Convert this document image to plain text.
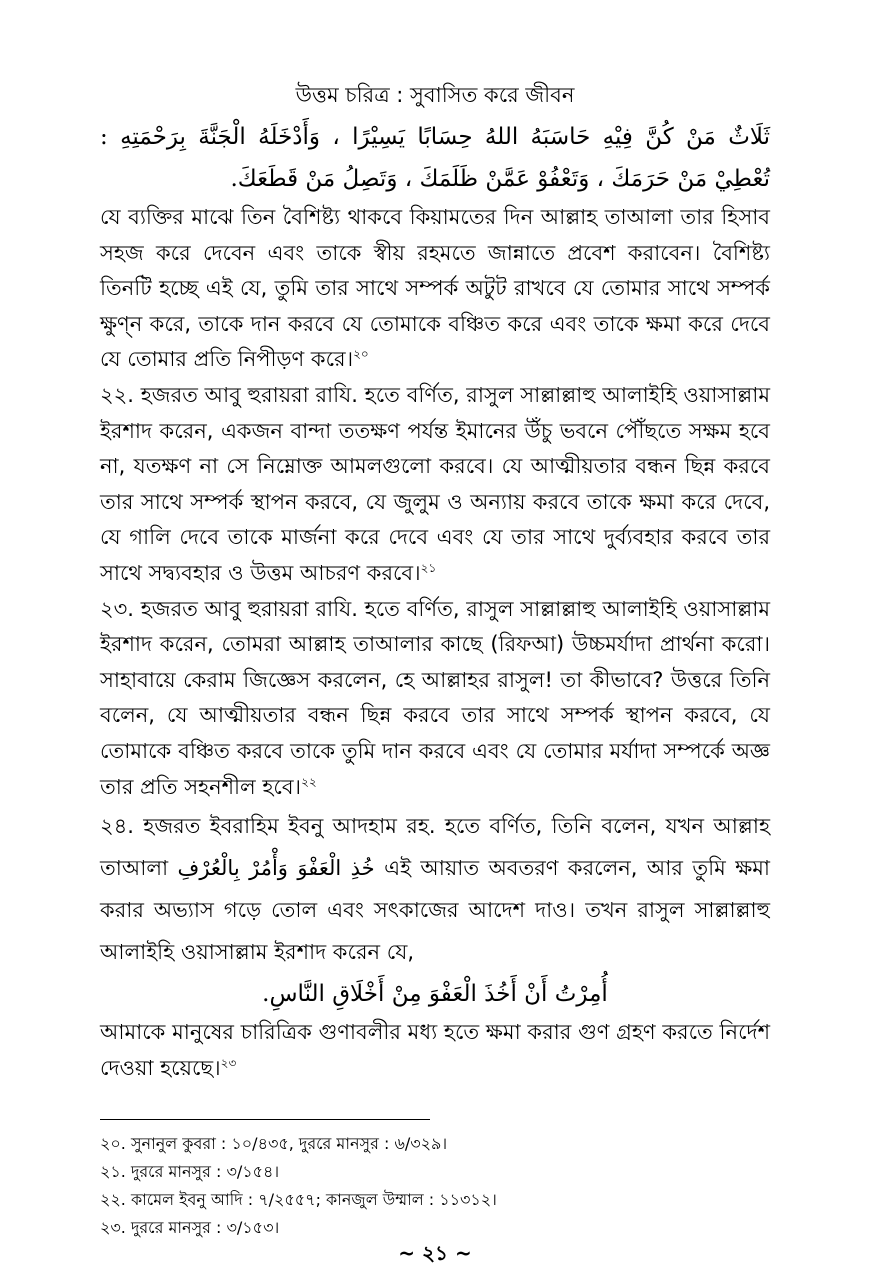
উত্তম চরিত্র : সুবাসিত করে জীবন

ثَلَاثٌ مَنْ كُنَّ فِيْهِ حَاسَبَهُ اللهُ حِسَابًا يَسِيْرًا ، وَأَدْخَلَهُ الْجَنَّةَ بِرَحْمَتِهِ : تُعْطِيْ مَنْ حَرَمَكَ ، وَتَعْفُوْ عَمَّنْ ظَلَمَكَ ، وَتَصِلُ مَنْ قَطَعَكَ.

যে ব্যক্তির মাঝে তিন বৈশিষ্ট্য থাকবে কিয়ামতের দিন আল্লাহ তাআলা তার হিসাব সহজ করে দেবেন এবং তাকে স্বীয় রহমতে জান্নাতে প্রবেশ করাবেন। বৈশিষ্ট্য তিনটি হচ্ছে এই যে, তুমি তার সাথে সম্পর্ক অটুট রাখবে যে তোমার সাথে সম্পর্ক ক্ষুণ্ন করে, তাকে দান করবে যে তোমাকে বঞ্চিত করে এবং তাকে ক্ষমা করে দেবে যে তোমার প্রতি নিপীড়ণ করে।$^{২০}$

২২. হজরত আবু হুরায়রা রাযি. হতে বর্ণিত, রাসুল সাল্লাল্লাহু আলাইহি ওয়াসাল্লাম ইরশাদ করেন, একজন বান্দা ততক্ষণ পর্যন্ত ইমানের উঁচু ভবনে পৌঁছতে সক্ষম হবে না, যতক্ষণ না সে নিম্নোক্ত আমলগুলো করবে। যে আত্মীয়তার বন্ধন ছিন্ন করবে তার সাথে সম্পর্ক স্থাপন করবে, যে জুলুম ও অন্যায় করবে তাকে ক্ষমা করে দেবে, যে গালি দেবে তাকে মার্জনা করে দেবে এবং যে তার সাথে দুর্ব্যবহার করবে তার সাথে সদ্ব্যবহার ও উত্তম আচরণ করবে।$^{২১}$

২৩. হজরত আবু হুরায়রা রাযি. হতে বর্ণিত, রাসুল সাল্লাল্লাহু আলাইহি ওয়াসাল্লাম ইরশাদ করেন, তোমরা আল্লাহ তাআলার কাছে (রিফআ) উচ্চমর্যাদা প্রার্থনা করো। সাহাবায়ে কেরাম জিজ্ঞেস করলেন, হে আল্লাহর রাসুল! তা কীভাবে? উত্তরে তিনি বলেন, যে আত্মীয়তার বন্ধন ছিন্ন করবে তার সাথে সম্পর্ক স্থাপন করবে, যে তোমাকে বঞ্চিত করবে তাকে তুমি দান করবে এবং যে তোমার মর্যাদা সম্পর্কে অজ্ঞ তার প্রতি সহনশীল হবে।$^{২২}$

২৪. হজরত ইবরাহিম ইবনু আদহাম রহ. হতে বর্ণিত, তিনি বলেন, যখন আল্লাহ তাআলা خُذِ الْعَفْوَ وَأْمُرْ بِالْعُرْفِ এই আয়াত অবতরণ করলেন, আর তুমি ক্ষমা করার অভ্যাস গড়ে তোল এবং সৎকাজের আদেশ দাও। তখন রাসুল সাল্লাল্লাহু আলাইহি ওয়াসাল্লাম ইরশাদ করেন যে,

أُمِرْتُ أَنْ أَخُذَ الْعَفْوَ مِنْ أَخْلَاقِ النَّاسِ.

আমাকে মানুষের চারিত্রিক গুণাবলীর মধ্য হতে ক্ষমা করার গুণ গ্রহণ করতে নির্দেশ দেওয়া হয়েছে।$^{২৩}$

২০. সুনানুল কুবরা : ১০/৪৩৫, দুররে মানসুর : ৬/৩২৯।

২১. দুররে মানসুর : ৩/১৫৪।

২২. কামেল ইবনু আদি : ৭/২৫৫৭; কানজুল উম্মাল : ১১৩১২।

২৩. দুররে মানসুর : ৩/১৫৩।

~ ২১ ~
